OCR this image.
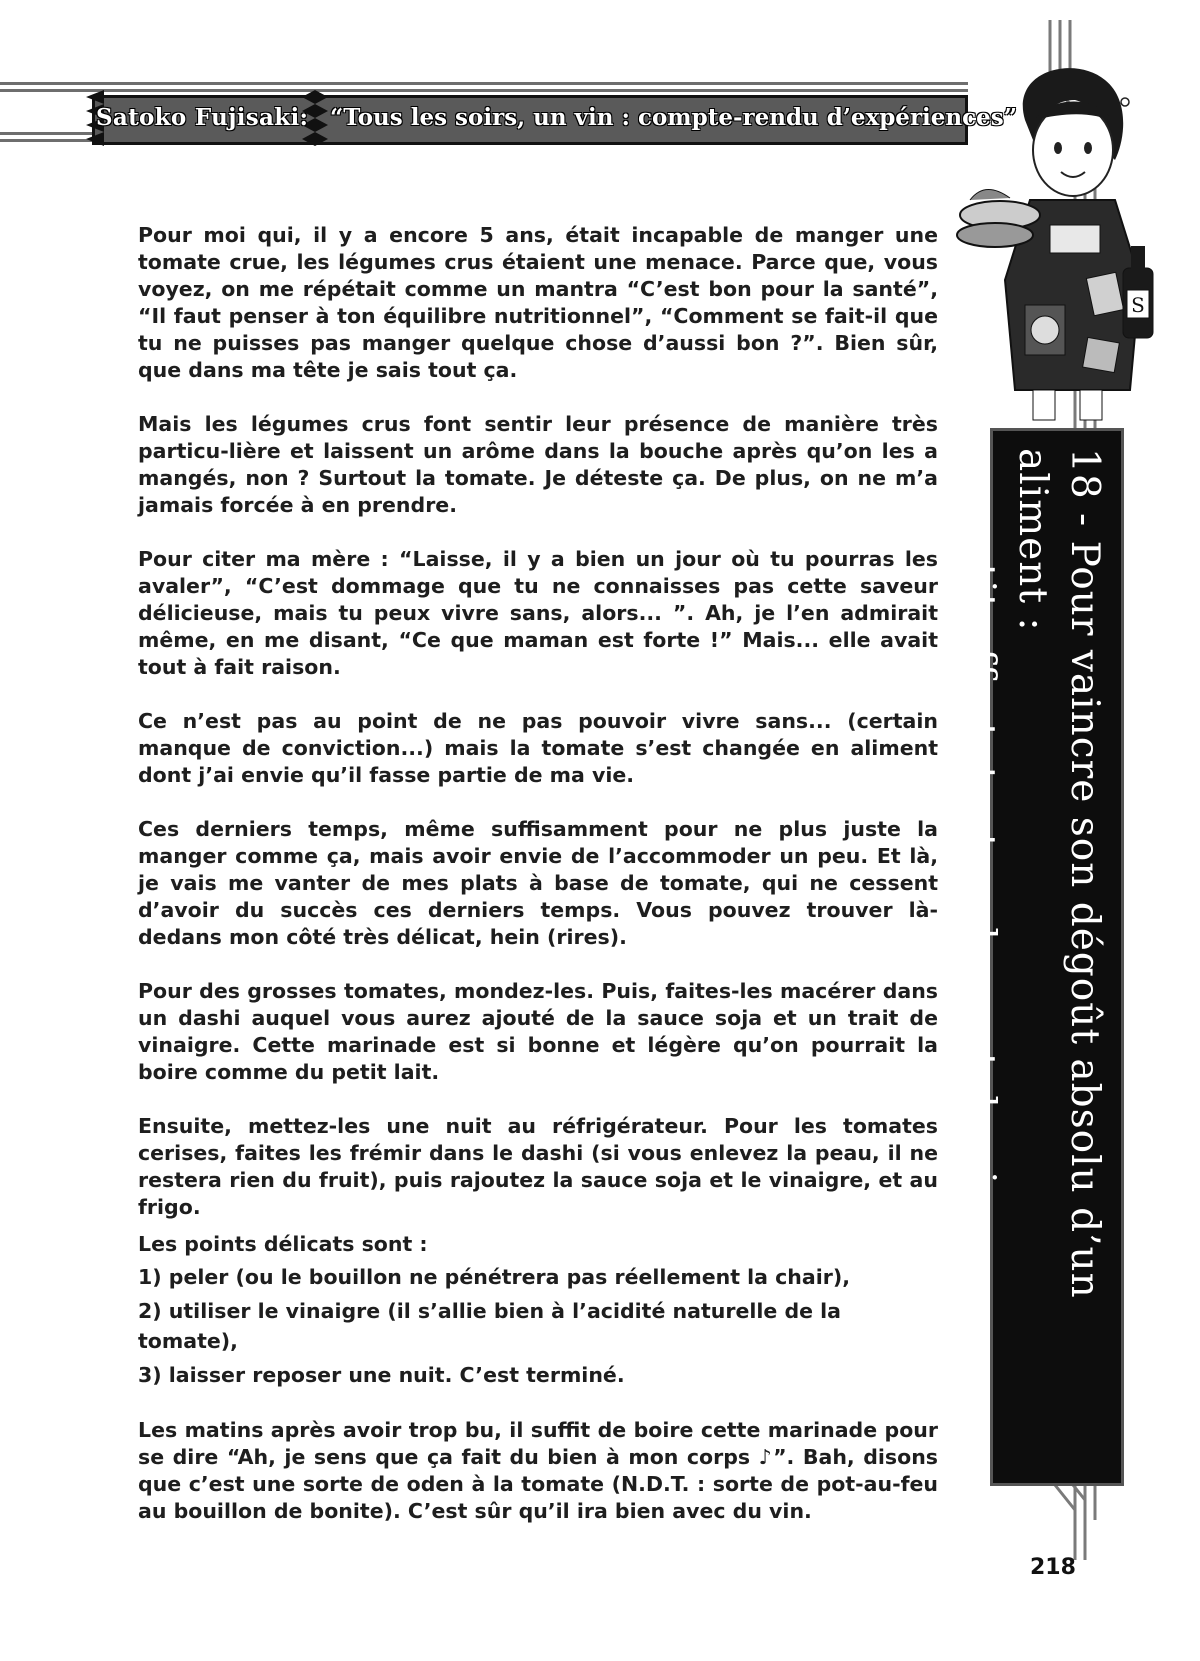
Satoko Fujisaki: “Tous les soirs, un vin : compte-rendu d’expériences”
S
18 - Pour vaincre son dégoût absolu d’un aliment :
un petit effort, tout en buvant du vin.

Pour moi qui, il y a encore 5 ans, était incapable de manger une tomate crue, les légumes crus étaient une menace. Parce que, vous voyez, on me répétait comme un mantra “C’est bon pour la santé”, “Il faut penser à ton équilibre nutritionnel”, “Comment se fait-il que tu ne puisses pas manger quelque chose d’aussi bon ?”. Bien sûr, que dans ma tête je sais tout ça.

Mais les légumes crus font sentir leur présence de manière très particu-lière et laissent un arôme dans la bouche après qu’on les a mangés, non ? Surtout la tomate. Je déteste ça. De plus, on ne m’a jamais forcée à en prendre.

Pour citer ma mère : “Laisse, il y a bien un jour où tu pourras les avaler”, “C’est dommage que tu ne connaisses pas cette saveur délicieuse, mais tu peux vivre sans, alors... ”. Ah, je l’en admirait même, en me disant, “Ce que maman est forte !” Mais... elle avait tout à fait raison.

Ce n’est pas au point de ne pas pouvoir vivre sans... (certain manque de conviction...) mais la tomate s’est changée en aliment dont j’ai envie qu’il fasse partie de ma vie.

Ces derniers temps, même suffisamment pour ne plus juste la manger comme ça, mais avoir envie de l’accommoder un peu. Et là, je vais me vanter de mes plats à base de tomate, qui ne cessent d’avoir du succès ces derniers temps. Vous pouvez trouver là-dedans mon côté très délicat, hein (rires).

Pour des grosses tomates, mondez-les. Puis, faites-les macérer dans un dashi auquel vous aurez ajouté de la sauce soja et un trait de vinaigre. Cette marinade est si bonne et légère qu’on pourrait la boire comme du petit lait.

Ensuite, mettez-les une nuit au réfrigérateur. Pour les tomates cerises, faites les frémir dans le dashi (si vous enlevez la peau, il ne restera rien du fruit), puis rajoutez la sauce soja et le vinaigre, et au frigo.

Les points délicats sont :

1) peler (ou le bouillon ne pénétrera pas réellement la chair),

2) utiliser le vinaigre (il s’allie bien à l’acidité naturelle de la tomate),

3) laisser reposer une nuit. C’est terminé.

Les matins après avoir trop bu, il suffit de boire cette marinade pour se dire “Ah, je sens que ça fait du bien à mon corps ♪”. Bah, disons que c’est une sorte de oden à la tomate (N.D.T. : sorte de pot-au-feu au bouillon de bonite). C’est sûr qu’il ira bien avec du vin.

218
